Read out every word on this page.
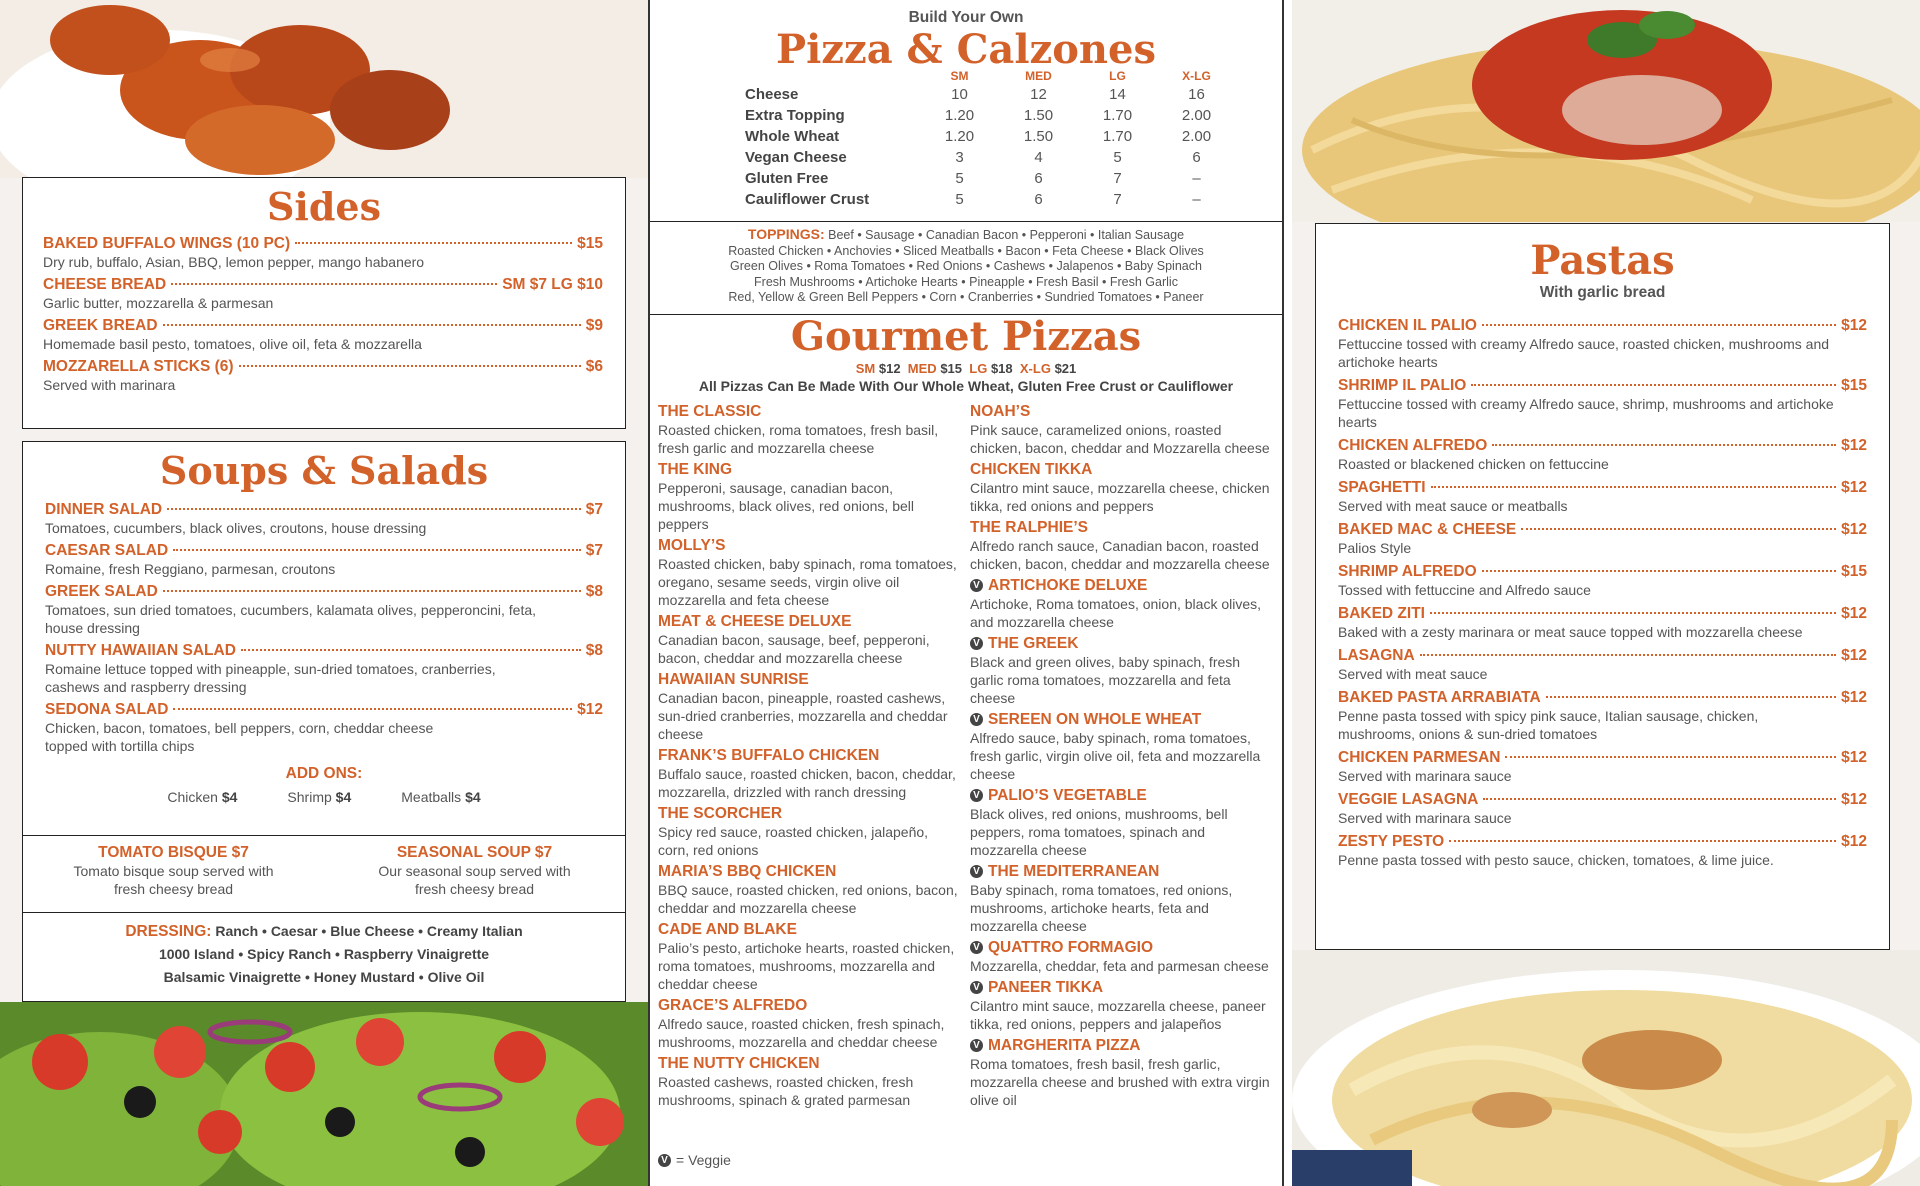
Sides
BAKED BUFFALO WINGS (10 PC)	$15
Dry rub, buffalo, Asian, BBQ, lemon pepper, mango habanero
CHEESE BREAD	SM $7 LG $10
Garlic butter, mozzarella & parmesan
GREEK BREAD	$9
Homemade basil pesto, tomatoes, olive oil, feta & mozzarella
MOZZARELLA STICKS (6)	$6
Served with marinara
Soups & Salads
DINNER SALAD	$7
Tomatoes, cucumbers, black olives, croutons, house dressing
CAESAR SALAD	$7
Romaine, fresh Reggiano, parmesan, croutons
GREEK SALAD	$8
Tomatoes, sun dried tomatoes, cucumbers, kalamata olives, pepperoncini, feta, house dressing
NUTTY HAWAIIAN SALAD	$8
Romaine lettuce topped with pineapple, sun-dried tomatoes, cranberries, cashews and raspberry dressing
SEDONA SALAD	$12
Chicken, bacon, tomatoes, bell peppers, corn, cheddar cheese topped with tortilla chips
ADD ONS:
Chicken $4	Shrimp $4	Meatballs $4
TOMATO BISQUE $7
Tomato bisque soup served with
fresh cheesy bread
SEASONAL SOUP $7
Our seasonal soup served with
fresh cheesy bread
DRESSING: Ranch • Caesar • Blue Cheese • Creamy Italian
1000 Island • Spicy Ranch • Raspberry Vinaigrette
Balsamic Vinaigrette • Honey Mustard • Olive Oil
Build Your Own
Pizza & Calzones
	SM	MED	LG	X-LG
Cheese	10	12	14	16
Extra Topping	1.20	1.50	1.70	2.00
Whole Wheat	1.20	1.50	1.70	2.00
Vegan Cheese	3	4	5	6
Gluten Free	5	6	7	–
Cauliflower Crust	5	6	7	–
TOPPINGS: Beef • Sausage • Canadian Bacon • Pepperoni • Italian Sausage
Roasted Chicken • Anchovies • Sliced Meatballs • Bacon • Feta Cheese • Black Olives
Green Olives • Roma Tomatoes • Red Onions • Cashews • Jalapenos • Baby Spinach
Fresh Mushrooms • Artichoke Hearts • Pineapple • Fresh Basil • Fresh Garlic
Red, Yellow & Green Bell Peppers • Corn • Cranberries • Sundried Tomatoes • Paneer
Gourmet Pizzas
SM $12 MED $15 LG $18 X-LG $21
All Pizzas Can Be Made With Our Whole Wheat, Gluten Free Crust or Cauliflower
THE CLASSIC
Roasted chicken, roma tomatoes, fresh basil, fresh garlic and mozzarella cheese
THE KING
Pepperoni, sausage, canadian bacon, mushrooms, black olives, red onions, bell peppers
MOLLY’S
Roasted chicken, baby spinach, roma tomatoes, oregano, sesame seeds, virgin olive oil mozzarella and feta cheese
MEAT & CHEESE DELUXE
Canadian bacon, sausage, beef, pepperoni, bacon, cheddar and mozzarella cheese
HAWAIIAN SUNRISE
Canadian bacon, pineapple, roasted cashews, sun-dried cranberries, mozzarella and cheddar cheese
FRANK’S BUFFALO CHICKEN
Buffalo sauce, roasted chicken, bacon, cheddar, mozzarella, drizzled with ranch dressing
THE SCORCHER
Spicy red sauce, roasted chicken, jalapeño, corn, red onions
MARIA’S BBQ CHICKEN
BBQ sauce, roasted chicken, red onions, bacon, cheddar and mozzarella cheese
CADE AND BLAKE
Palio’s pesto, artichoke hearts, roasted chicken, roma tomatoes, mushrooms, mozzarella and cheddar cheese
GRACE’S ALFREDO
Alfredo sauce, roasted chicken, fresh spinach, mushrooms, mozzarella and cheddar cheese
THE NUTTY CHICKEN
Roasted cashews, roasted chicken, fresh mushrooms, spinach & grated parmesan
NOAH’S
Pink sauce, caramelized onions, roasted chicken, bacon, cheddar and Mozzarella cheese
CHICKEN TIKKA
Cilantro mint sauce, mozzarella cheese, chicken tikka, red onions and peppers
THE RALPHIE’S
Alfredo ranch sauce, Canadian bacon, roasted chicken, bacon, cheddar and mozzarella cheese
V ARTICHOKE DELUXE
Artichoke, Roma tomatoes, onion, black olives, and mozzarella cheese
V THE GREEK
Black and green olives, baby spinach, fresh garlic roma tomatoes, mozzarella and feta cheese
V SEREEN ON WHOLE WHEAT
Alfredo sauce, baby spinach, roma tomatoes, fresh garlic, virgin olive oil, feta and mozzarella cheese
V PALIO’S VEGETABLE
Black olives, red onions, mushrooms, bell peppers, roma tomatoes, spinach and mozzarella cheese
V THE MEDITERRANEAN
Baby spinach, roma tomatoes, red onions, mushrooms, artichoke hearts, feta and mozzarella cheese
V QUATTRO FORMAGIO
Mozzarella, cheddar, feta and parmesan cheese
V PANEER TIKKA
Cilantro mint sauce, mozzarella cheese, paneer tikka, red onions, peppers and jalapeños
V MARGHERITA PIZZA
Roma tomatoes, fresh basil, fresh garlic, mozzarella cheese and brushed with extra virgin olive oil
V = Veggie
Pastas
With garlic bread
CHICKEN IL PALIO	$12
Fettuccine tossed with creamy Alfredo sauce, roasted chicken, mushrooms and artichoke hearts
SHRIMP IL PALIO	$15
Fettuccine tossed with creamy Alfredo sauce, shrimp, mushrooms and artichoke hearts
CHICKEN ALFREDO	$12
Roasted or blackened chicken on fettuccine
SPAGHETTI	$12
Served with meat sauce or meatballs
BAKED MAC & CHEESE	$12
Palios Style
SHRIMP ALFREDO	$15
Tossed with fettuccine and Alfredo sauce
BAKED ZITI	$12
Baked with a zesty marinara or meat sauce topped with mozzarella cheese
LASAGNA	$12
Served with meat sauce
BAKED PASTA ARRABIATA	$12
Penne pasta tossed with spicy pink sauce, Italian sausage, chicken, mushrooms, onions & sun-dried tomatoes
CHICKEN PARMESAN	$12
Served with marinara sauce
VEGGIE LASAGNA	$12
Served with marinara sauce
ZESTY PESTO	$12
Penne pasta tossed with pesto sauce, chicken, tomatoes, & lime juice.
